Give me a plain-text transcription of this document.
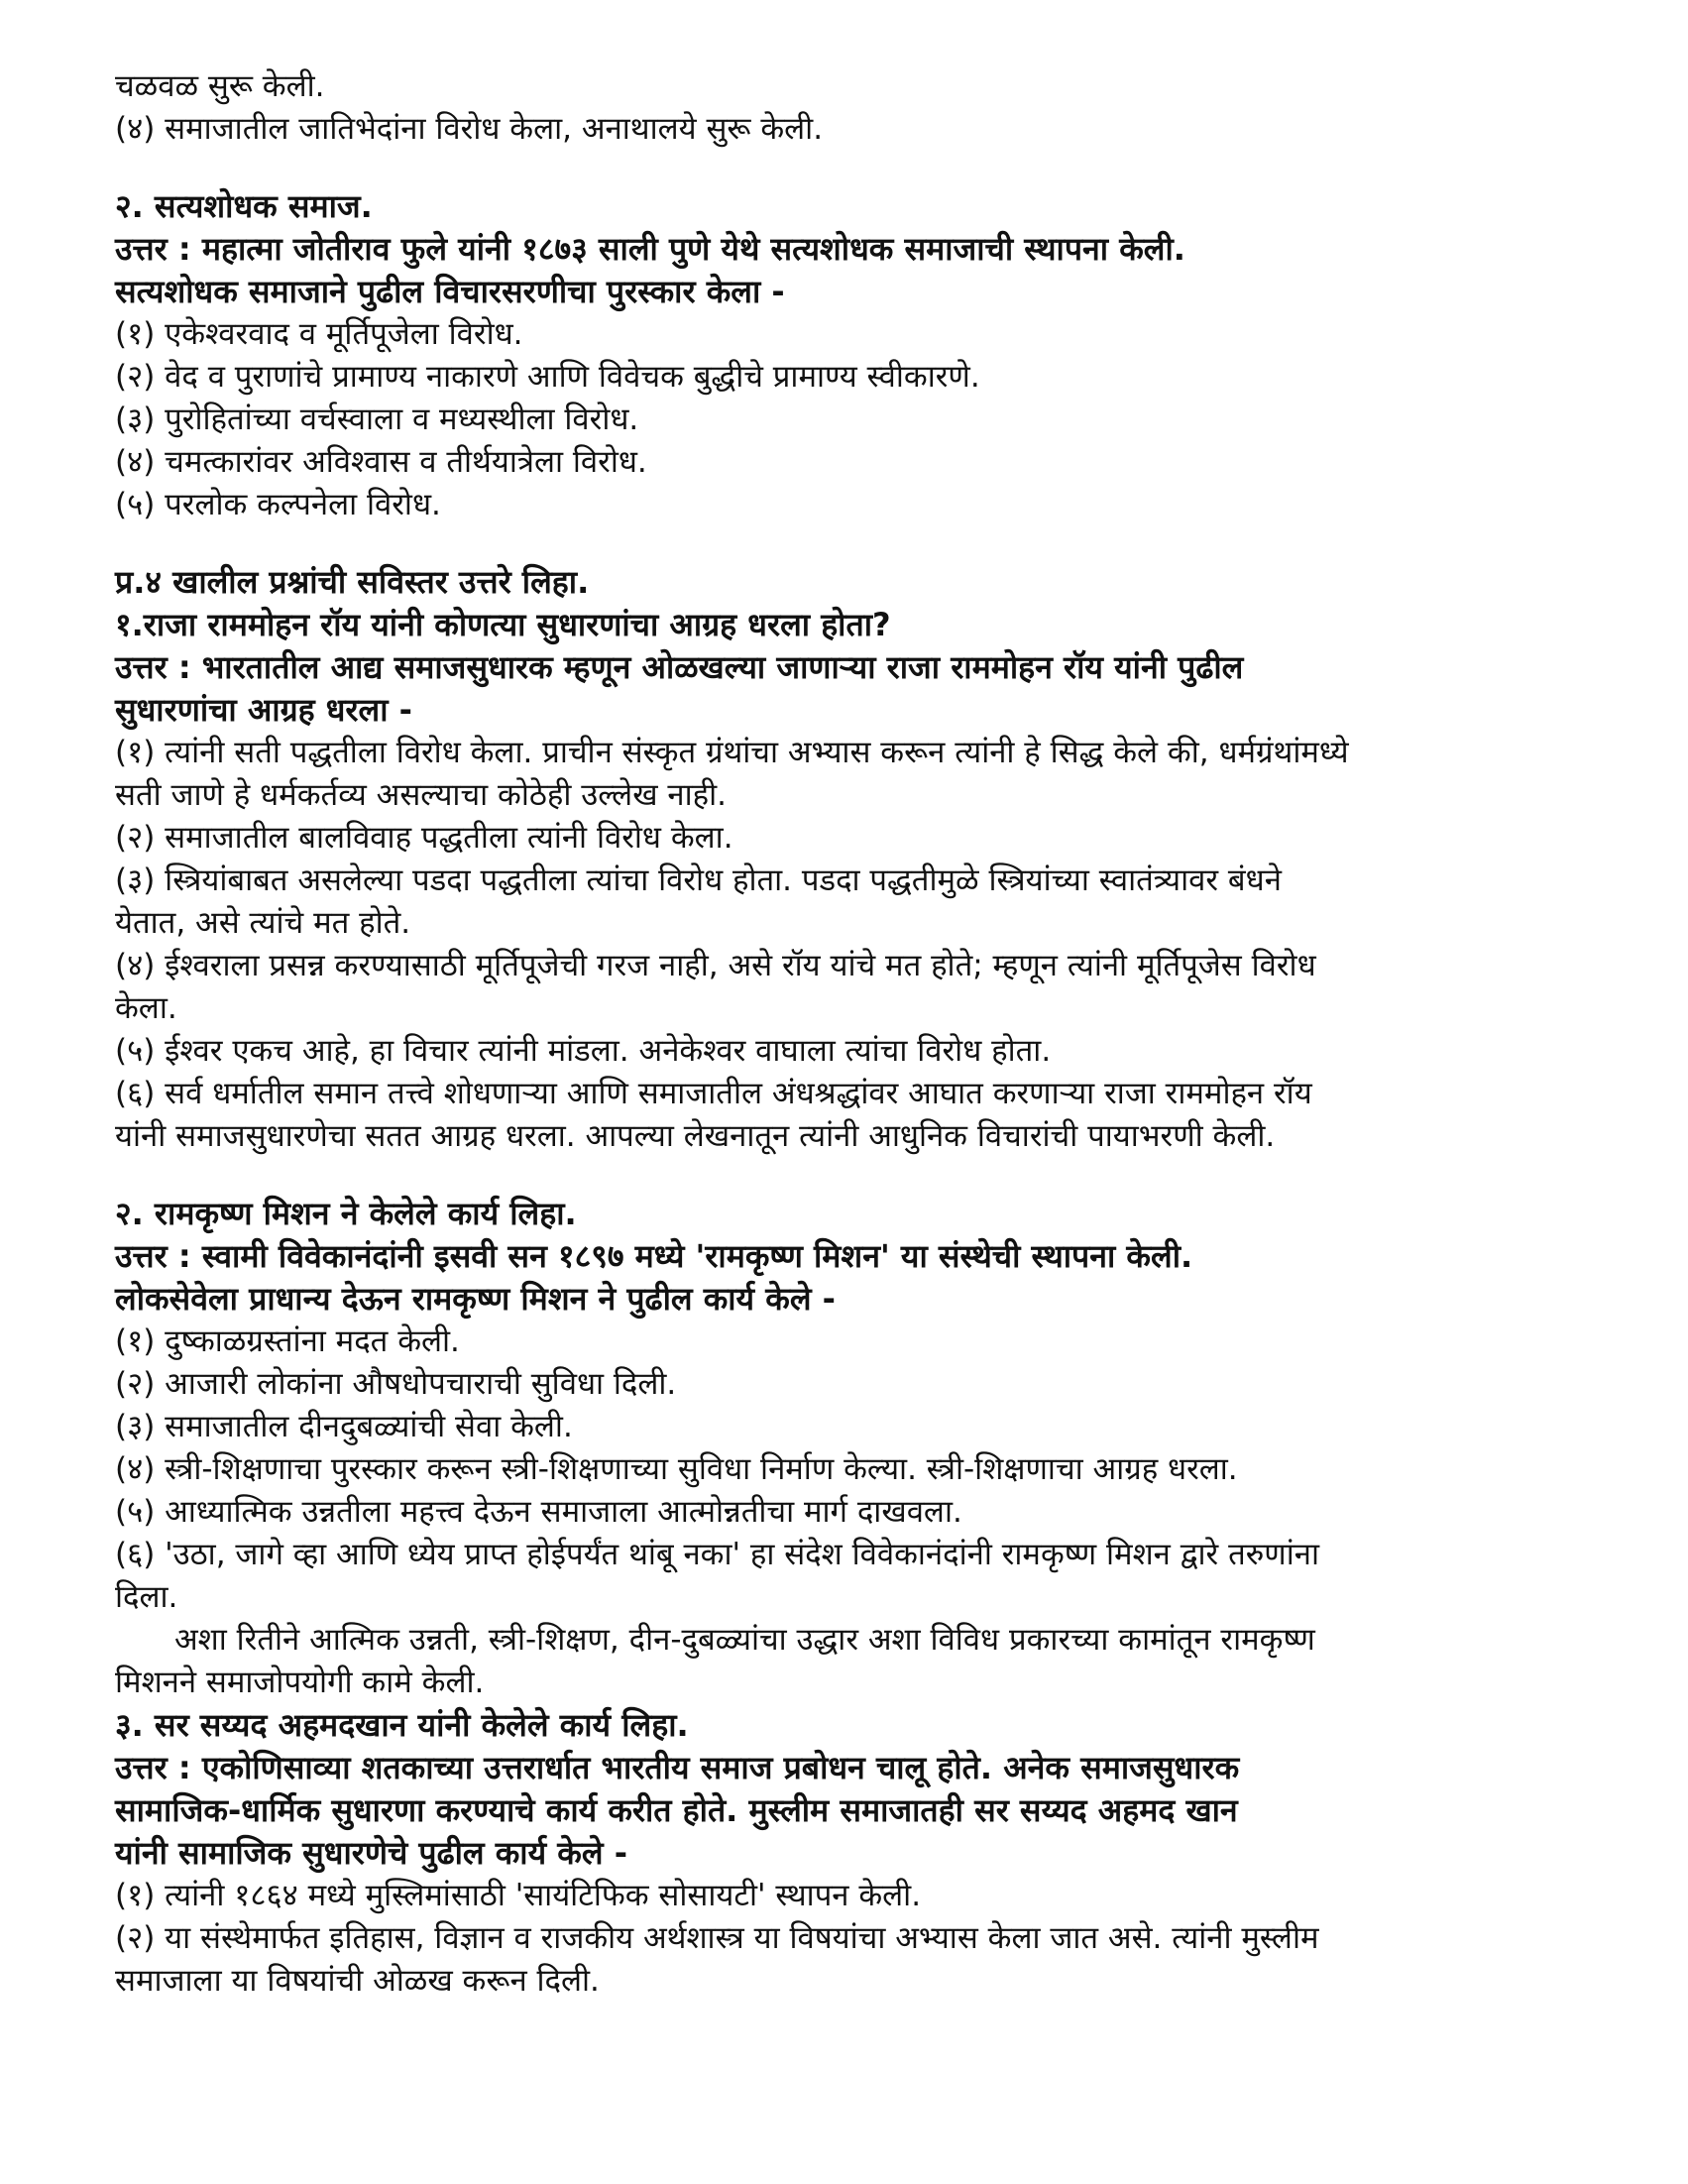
चळवळ सुरू केली.
(४) समाजातील जातिभेदांना विरोध केला, अनाथालये सुरू केली.
२. सत्यशोधक समाज.
उत्तर : महात्मा जोतीराव फुले यांनी १८७३ साली पुणे येथे सत्यशोधक समाजाची स्थापना केली.
सत्यशोधक समाजाने पुढील विचारसरणीचा पुरस्कार केला -
(१) एकेश्वरवाद व मूर्तिपूजेला विरोध.
(२) वेद व पुराणांचे प्रामाण्य नाकारणे आणि विवेचक बुद्धीचे प्रामाण्य स्वीकारणे.
(३) पुरोहितांच्या वर्चस्वाला व मध्यस्थीला विरोध.
(४) चमत्कारांवर अविश्वास व तीर्थयात्रेला विरोध.
(५) परलोक कल्पनेला विरोध.
प्र.४ खालील प्रश्नांची सविस्तर उत्तरे लिहा.
१.राजा राममोहन रॉय यांनी कोणत्या सुधारणांचा आग्रह धरला होता?
उत्तर : भारतातील आद्य समाजसुधारक म्हणून ओळखल्या जाणाऱ्या राजा राममोहन रॉय यांनी पुढील
सुधारणांचा आग्रह धरला -
(१) त्यांनी सती पद्धतीला विरोध केला. प्राचीन संस्कृत ग्रंथांचा अभ्यास करून त्यांनी हे सिद्ध केले की, धर्मग्रंथांमध्ये
सती जाणे हे धर्मकर्तव्य असल्याचा कोठेही उल्लेख नाही.
(२) समाजातील बालविवाह पद्धतीला त्यांनी विरोध केला.
(३) स्त्रियांबाबत असलेल्या पडदा पद्धतीला त्यांचा विरोध होता. पडदा पद्धतीमुळे स्त्रियांच्या स्वातंत्र्यावर बंधने
येतात, असे त्यांचे मत होते.
(४) ईश्वराला प्रसन्न करण्यासाठी मूर्तिपूजेची गरज नाही, असे रॉय यांचे मत होते; म्हणून त्यांनी मूर्तिपूजेस विरोध
केला.
(५) ईश्वर एकच आहे, हा विचार त्यांनी मांडला. अनेकेश्वर वाघाला त्यांचा विरोध होता.
(६) सर्व धर्मातील समान तत्त्वे शोधणाऱ्या आणि समाजातील अंधश्रद्धांवर आघात करणाऱ्या राजा राममोहन रॉय
यांनी समाजसुधारणेचा सतत आग्रह धरला. आपल्या लेखनातून त्यांनी आधुनिक विचारांची पायाभरणी केली.
२. रामकृष्ण मिशन ने केलेले कार्य लिहा.
उत्तर : स्वामी विवेकानंदांनी इसवी सन १८९७ मध्ये 'रामकृष्ण मिशन' या संस्थेची स्थापना केली.
लोकसेवेला प्राधान्य देऊन रामकृष्ण मिशन ने पुढील कार्य केले -
(१) दुष्काळग्रस्तांना मदत केली.
(२) आजारी लोकांना औषधोपचाराची सुविधा दिली.
(३) समाजातील दीनदुबळ्यांची सेवा केली.
(४) स्त्री-शिक्षणाचा पुरस्कार करून स्त्री-शिक्षणाच्या सुविधा निर्माण केल्या. स्त्री-शिक्षणाचा आग्रह धरला.
(५) आध्यात्मिक उन्नतीला महत्त्व देऊन समाजाला आत्मोन्नतीचा मार्ग दाखवला.
(६) 'उठा, जागे व्हा आणि ध्येय प्राप्त होईपर्यंत थांबू नका' हा संदेश विवेकानंदांनी रामकृष्ण मिशन द्वारे तरुणांना
दिला.
अशा रितीने आत्मिक उन्नती, स्त्री-शिक्षण, दीन-दुबळ्यांचा उद्धार अशा विविध प्रकारच्या कामांतून रामकृष्ण
मिशनने समाजोपयोगी कामे केली.
३. सर सय्यद अहमदखान यांनी केलेले कार्य लिहा.
उत्तर : एकोणिसाव्या शतकाच्या उत्तरार्धात भारतीय समाज प्रबोधन चालू होते. अनेक समाजसुधारक
सामाजिक-धार्मिक सुधारणा करण्याचे कार्य करीत होते. मुस्लीम समाजातही सर सय्यद अहमद खान
यांनी सामाजिक सुधारणेचे पुढील कार्य केले -
(१) त्यांनी १८६४ मध्ये मुस्लिमांसाठी 'सायंटिफिक सोसायटी' स्थापन केली.
(२) या संस्थेमार्फत इतिहास, विज्ञान व राजकीय अर्थशास्त्र या विषयांचा अभ्यास केला जात असे. त्यांनी मुस्लीम
समाजाला या विषयांची ओळख करून दिली.
